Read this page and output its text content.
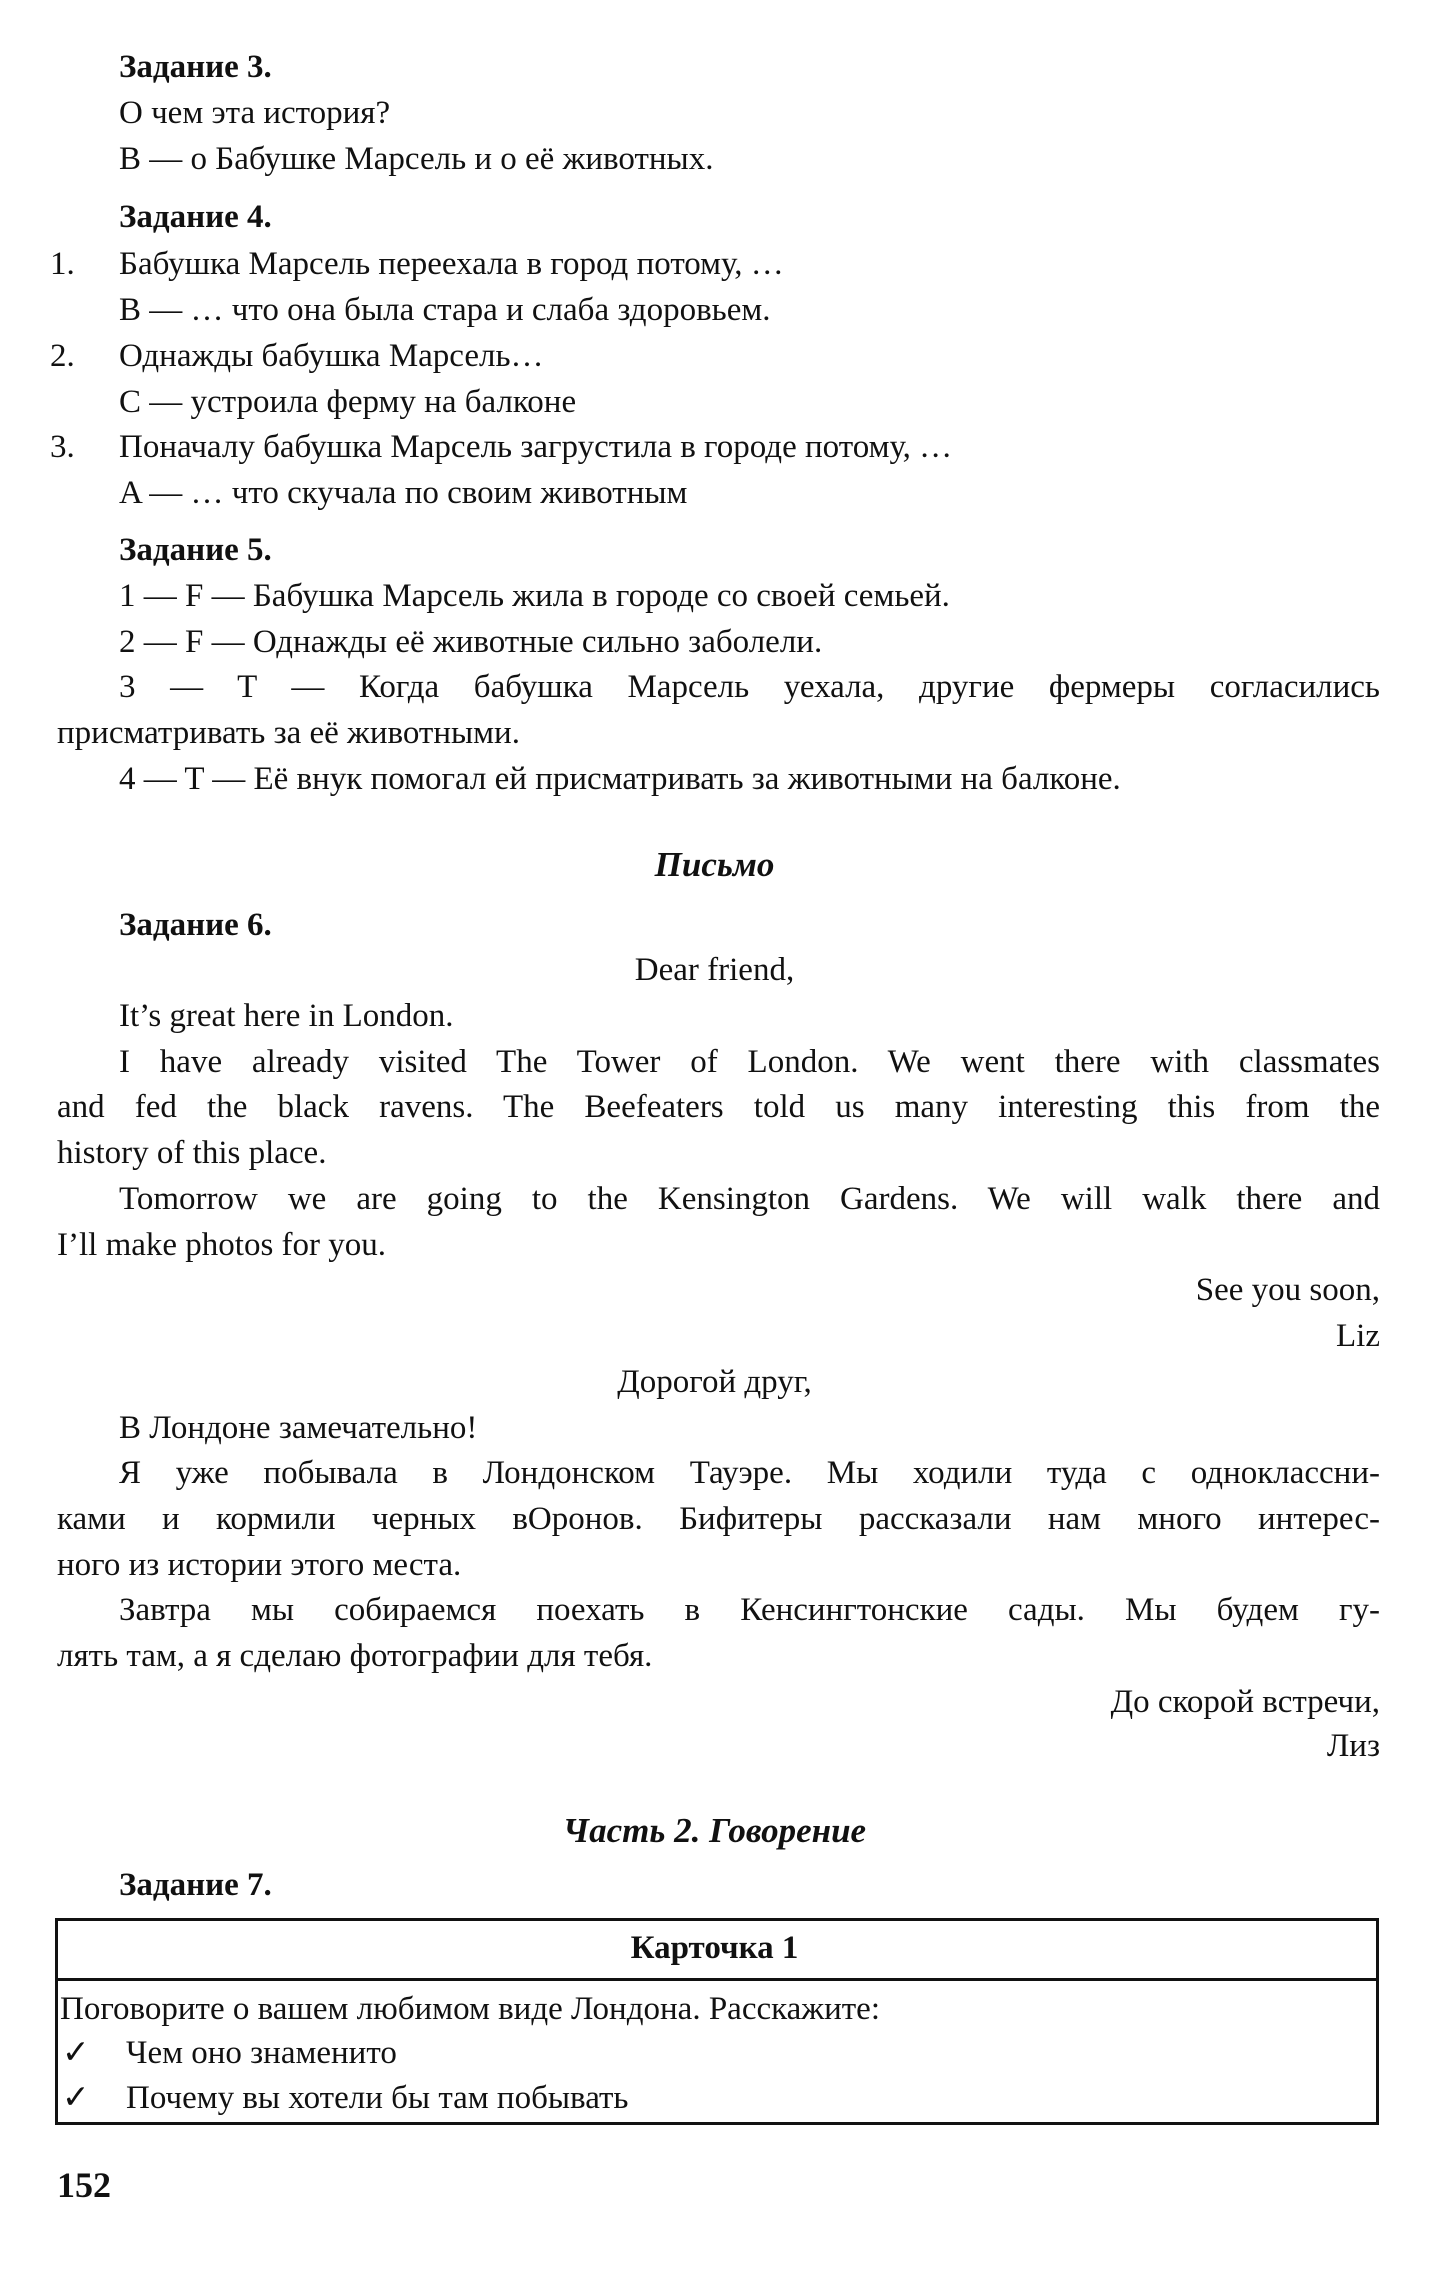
Задание 3.
О чем эта история?
B — о Бабушке Марсель и о её животных.
Задание 4.
1. Бабушка Марсель переехала в город потому, …
B — … что она была стара и слаба здоровьем.
2. Однажды бабушка Марсель…
C — устроила ферму на балконе
3. Поначалу бабушка Марсель загрустила в городе потому, …
A — … что скучала по своим животным
Задание 5.
1 — F — Бабушка Марсель жила в городе со своей семьей.
2 — F — Однажды её животные сильно заболели.
3 — T — Когда бабушка Марсель уехала, другие фермеры согласились
присматривать за её животными.
4 — T — Её внук помогал ей присматривать за животными на балконе.
Письмо
Задание 6.
Dear friend,
It’s great here in London.
I have already visited The Tower of London. We went there with classmates
and fed the black ravens. The Beefeaters told us many interesting this from the
history of this place.
Tomorrow we are going to the Kensington Gardens. We will walk there and
I’ll make photos for you.
See you soon,
Liz
Дорогой друг,
В Лондоне замечательно!
Я уже побывала в Лондонском Тауэре. Мы ходили туда с одноклассни-
ками и кормили черных вОронов. Бифитеры рассказали нам много интерес-
ного из истории этого места.
Завтра мы собираемся поехать в Кенсингтонские сады. Мы будем гу-
лять там, а я сделаю фотографии для тебя.
До скорой встречи,
Лиз
Часть 2. Говорение
Задание 7.
Карточка 1
Поговорите о вашем любимом виде Лондона. Расскажите:
✓ Чем оно знаменито
✓ Почему вы хотели бы там побывать
152
